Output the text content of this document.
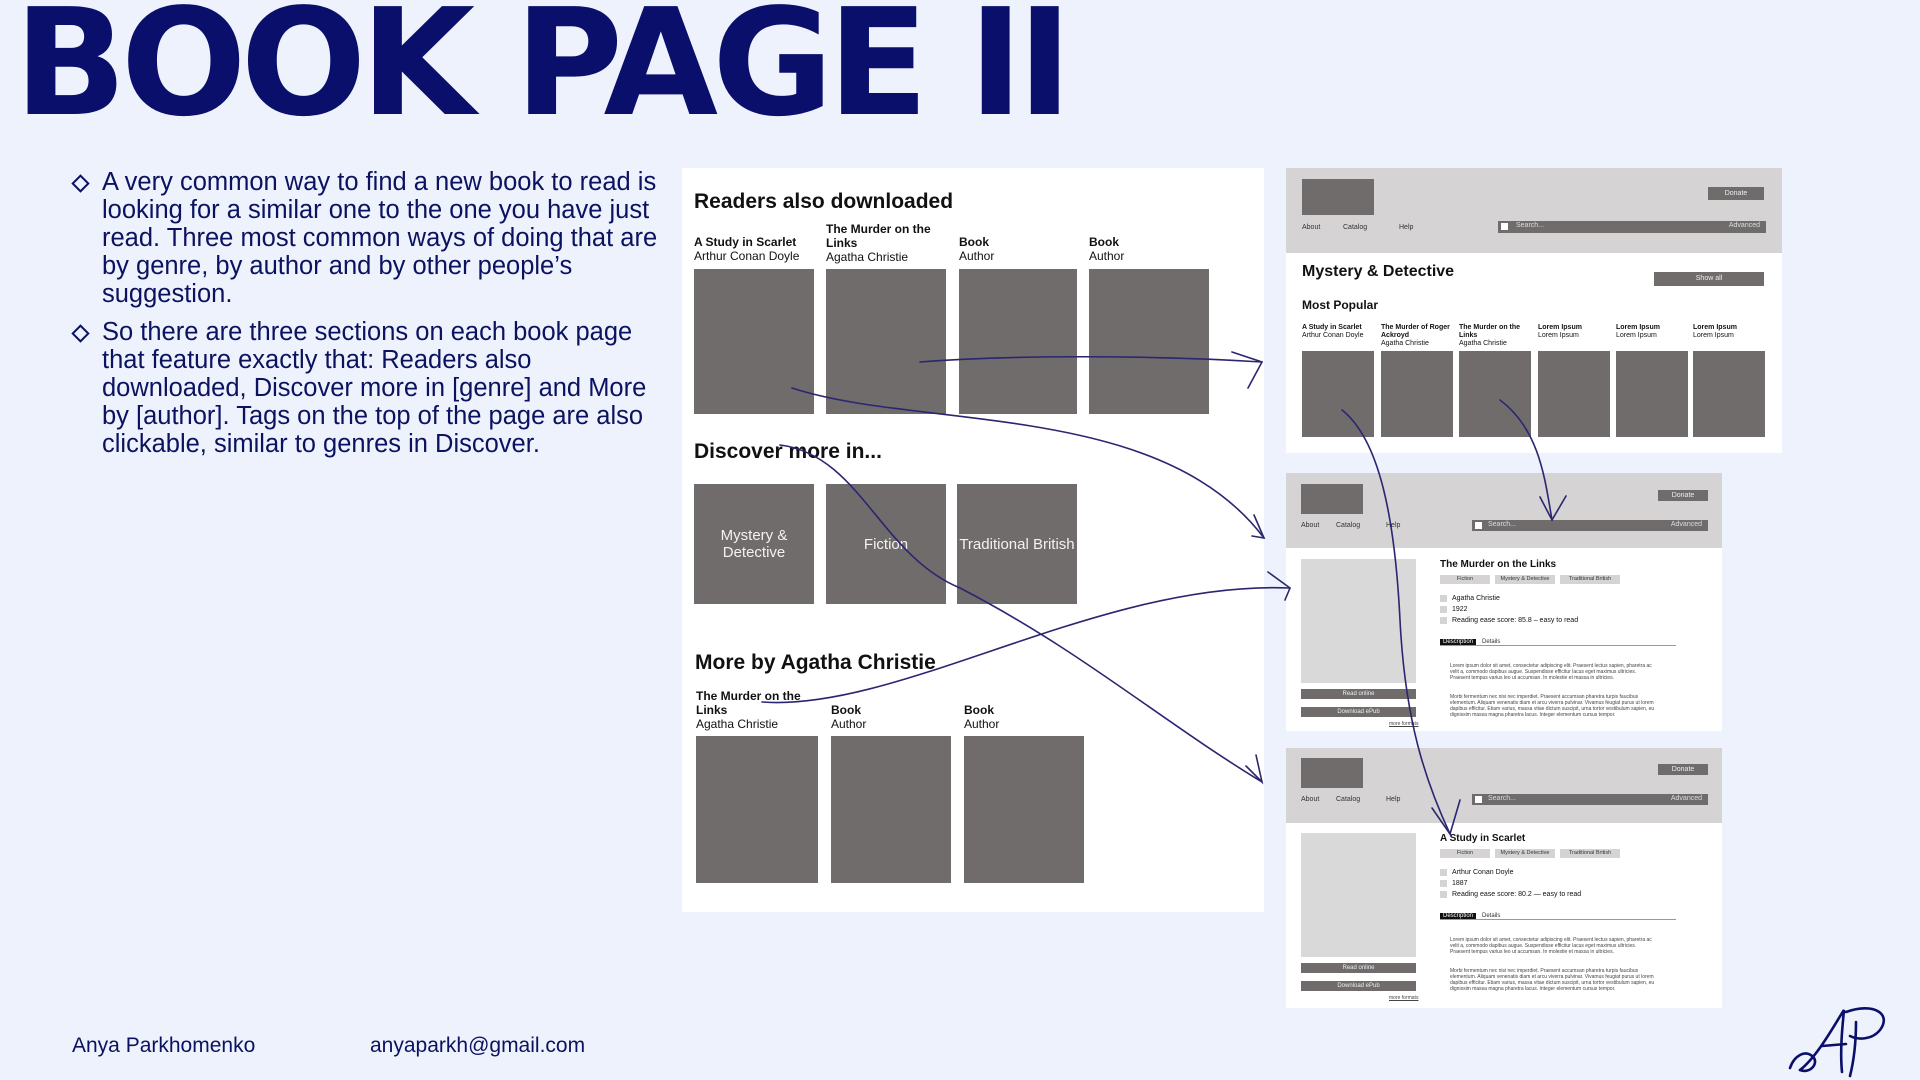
BOOK PAGE II
A very common way to find a new book to read is looking for a similar one to the one you have just read. Three most common ways of doing that are by genre, by author and by other people’s suggestion.
So there are three sections on each book page that feature exactly that: Readers also downloaded, Discover more in [genre] and More by [author]. Tags on the top of the page are also clickable, similar to genres in Discover.
Readers also downloaded
A Study in Scarlet
Arthur Conan Doyle
The Murder on the Links
Agatha Christie
Book
Author
Book
Author
Discover more in...
Mystery & Detective	Fiction	Traditional British
More by Agatha Christie
The Murder on the Links
Agatha Christie
Book
Author
Book
Author
Donate
About	Catalog	Help	Search...	Advanced
Mystery & Detective	Show all
Most Popular
A Study in Scarlet
Arthur Conan Doyle
The Murder of Roger Ackroyd
Agatha Christie
The Murder on the Links
Agatha Christie
Lorem Ipsum
Lorem Ipsum
Lorem Ipsum
Lorem Ipsum
Lorem Ipsum
Lorem Ipsum
Donate
About Catalog	Help	Search...	Advanced
Read online
Download ePub
more formats
The Murder on the Links
Fiction	Mystery & Detective	Traditional British
Agatha Christie
1922
Reading ease score: 85.8 – easy to read
Description Details
Lorem ipsum dolor sit amet, consectetur adipiscing elit. Praesent lectus sapien, pharetra ac velit a, commodo dapibus augue. Suspendisse efficitur lacus eget maximus ultricies. Praesent tempus varius leo ut accumsan. In molestie et massa in ultricies.
Morbi fermentum nec nisi nec imperdiet. Praesent accumsan pharetra turpis faucibus elementum. Aliquam venenatis diam et arcu viverra pulvinar. Vivamus feugiat purus ut lorem dapibus efficitur. Etiam varius, massa vitae dictum suscipit, urna tortor vestibulum sapien, eu dignissim massa magna pharetra lacus. Integer elementum cursus tempor.
Donate
About Catalog	Help	Search...	Advanced
Read online
Download ePub
more formats
A Study in Scarlet
Fiction	Mystery & Detective	Traditional British
Arthur Conan Doyle
1887
Reading ease score: 80.2 — easy to read
Description Details
Lorem ipsum dolor sit amet, consectetur adipiscing elit. Praesent lectus sapien, pharetra ac velit a, commodo dapibus augue. Suspendisse efficitur lacus eget maximus ultricies. Praesent tempus varius leo ut accumsan. In molestie et massa in ultricies.
Morbi fermentum nec nisi nec imperdiet. Praesent accumsan pharetra turpis faucibus elementum. Aliquam venenatis diam et arcu viverra pulvinar. Vivamus feugiat purus ut lorem dapibus efficitur. Etiam varius, massa vitae dictum suscipit, urna tortor vestibulum sapien, eu dignissim massa magna pharetra lacus. Integer elementum cursus tempor.
Anya Parkhomenko	anyaparkh@gmail.com
